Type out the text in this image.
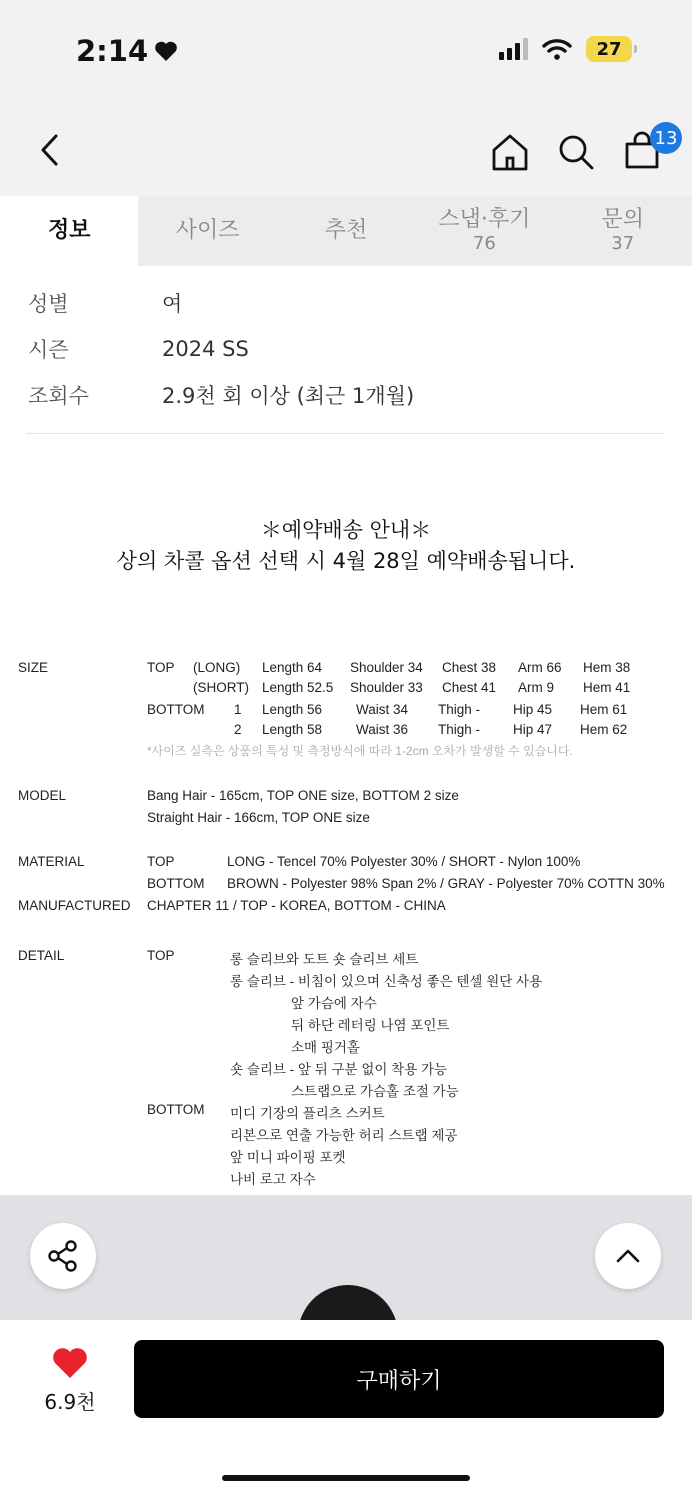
2:14	27
13
정보	사이즈	추천	스냅·후기
76
문의
37
성별	여
시즌	2024 SS
조회수	2.9천 회 이상 (최근 1개월)
＊예약배송 안내＊
상의 차콜 옵션 선택 시 4월 28일 예약배송됩니다.
SIZE	TOP (LONG) Length 64 Shoulder 34 Chest 38 Arm 66 Hem 38
(SHORT) Length 52.5 Shoulder 33 Chest 41 Arm 9 Hem 41
BOTTOM 1 Length 56	Waist 34 Thigh - Hip 45 Hem 61
2 Length 58	Waist 36 Thigh - Hip 47 Hem 62
*사이즈 실측은 상품의 특성 및 측정방식에 따라 1-2cm 오차가 발생할 수 있습니다.
MODEL	Bang Hair - 165cm, TOP ONE size, BOTTOM 2 size
Straight Hair - 166cm, TOP ONE size
MATERIAL	TOP	LONG - Tencel 70% Polyester 30% / SHORT - Nylon 100%
BOTTOM BROWN - Polyester 98% Span 2% / GRAY - Polyester 70% COTTN 30%
MANUFACTURED CHAPTER 11 / TOP - KOREA, BOTTOM - CHINA
DETAIL	TOP	롱 슬리브와 도트 숏 슬리브 세트
롱 슬리브 - 비침이 있으며 신축성 좋은 텐셀 원단 사용
앞 가슴에 자수
뒤 하단 레터링 나염 포인트
소매 핑거홀
숏 슬리브 - 앞 뒤 구분 없이 착용 가능
스트랩으로 가슴홀 조절 가능
BOTTOM 미디 기장의 플리츠 스커트
리본으로 연출 가능한 허리 스트랩 제공
앞 미니 파이핑 포켓
나비 로고 자수
6.9천
구매하기
